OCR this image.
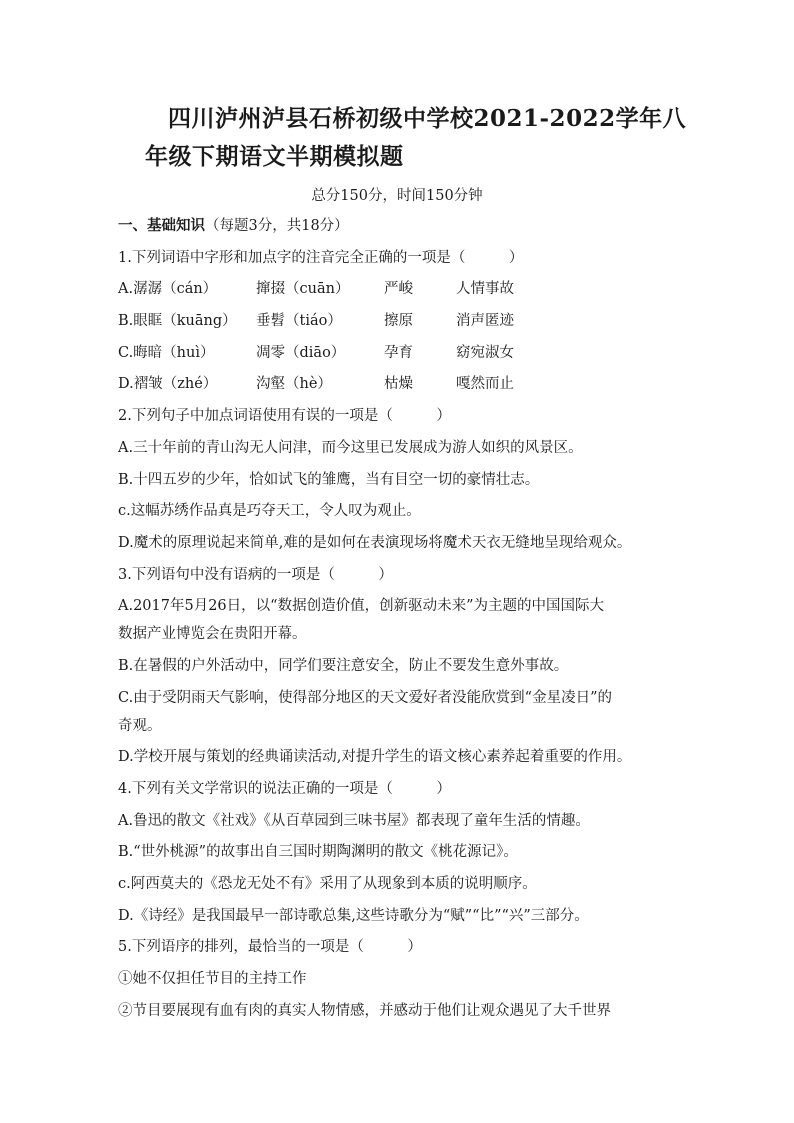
四川泸州泸县石桥初级中学校2021-2022学年八
年级下期语文半期模拟题
总分150分，时间150分钟
一、基础知识（每题3分，共18分）
1.下列词语中字形和加点字的注音完全正确的一项是（　　　）
A.潺潺（cán）	撺掇（cuān）	严峻	人情事故
B.眼眶（kuāng）	垂髫（tiáo）	擦原	消声匿迹
C.晦暗（huì）	凋零（diāo）	孕育	窈宛淑女
D.褶皱（zhé）	沟壑（hè）	枯燥	嘎然而止
2.下列句子中加点词语使用有误的一项是（　　　）
A.三十年前的青山沟无人问津，而今这里已发展成为游人如织的风景区。
B.十四五岁的少年，恰如试飞的雏鹰，当有目空一切的豪情壮志。
c.这幅苏绣作品真是巧夺天工，令人叹为观止。
D.魔术的原理说起来简单,难的是如何在表演现场将魔术天衣无缝地呈现给观众。
3.下列语句中没有语病的一项是（　　　）
A.2017年5月26日，以“数据创造价值，创新驱动未来”为主题的中国国际大
数据产业博览会在贵阳开幕。
B.在暑假的户外活动中，同学们要注意安全，防止不要发生意外事故。
C.由于受阴雨天气影响，使得部分地区的天文爱好者没能欣赏到“金星凌日”的
奇观。
D.学校开展与策划的经典诵读活动,对提升学生的语文核心素养起着重要的作用。
4.下列有关文学常识的说法正确的一项是（　　　）
A.鲁迅的散文《社戏》《从百草园到三味书屋》都表现了童年生活的情趣。
B.“世外桃源”的故事出自三国时期陶渊明的散文《桃花源记》。
c.阿西莫夫的《恐龙无处不有》采用了从现象到本质的说明顺序。
D.《诗经》是我国最早一部诗歌总集,这些诗歌分为“赋”“比”“兴”三部分。
5.下列语序的排列，最恰当的一项是（　　　）
①她不仅担任节目的主持工作
②节目要展现有血有肉的真实人物情感，并感动于他们让观众遇见了大千世界
